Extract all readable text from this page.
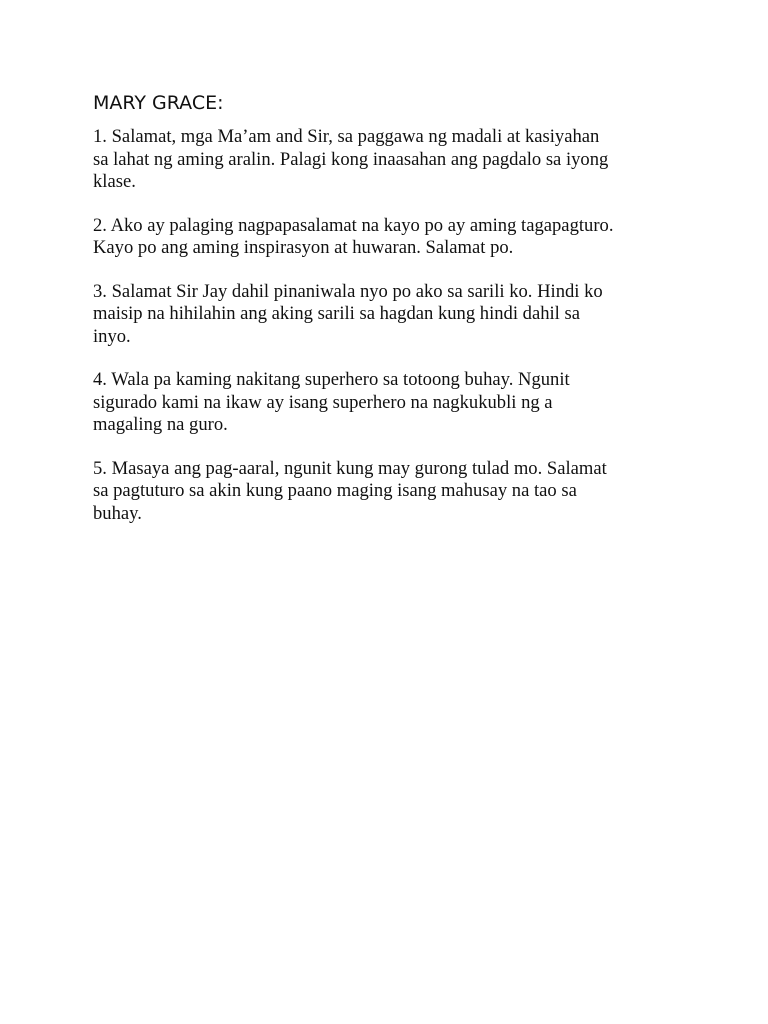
MARY GRACE:
1. Salamat, mga Ma’am and Sir, sa paggawa ng madali at kasiyahan
sa lahat ng aming aralin. Palagi kong inaasahan ang pagdalo sa iyong
klase.
2. Ako ay palaging nagpapasalamat na kayo po ay aming tagapagturo.
Kayo po ang aming inspirasyon at huwaran. Salamat po.
3. Salamat Sir Jay dahil pinaniwala nyo po ako sa sarili ko. Hindi ko
maisip na hihilahin ang aking sarili sa hagdan kung hindi dahil sa
inyo.
4. Wala pa kaming nakitang superhero sa totoong buhay. Ngunit
sigurado kami na ikaw ay isang superhero na nagkukubli ng a
magaling na guro.
5. Masaya ang pag-aaral, ngunit kung may gurong tulad mo. Salamat
sa pagtuturo sa akin kung paano maging isang mahusay na tao sa
buhay.
